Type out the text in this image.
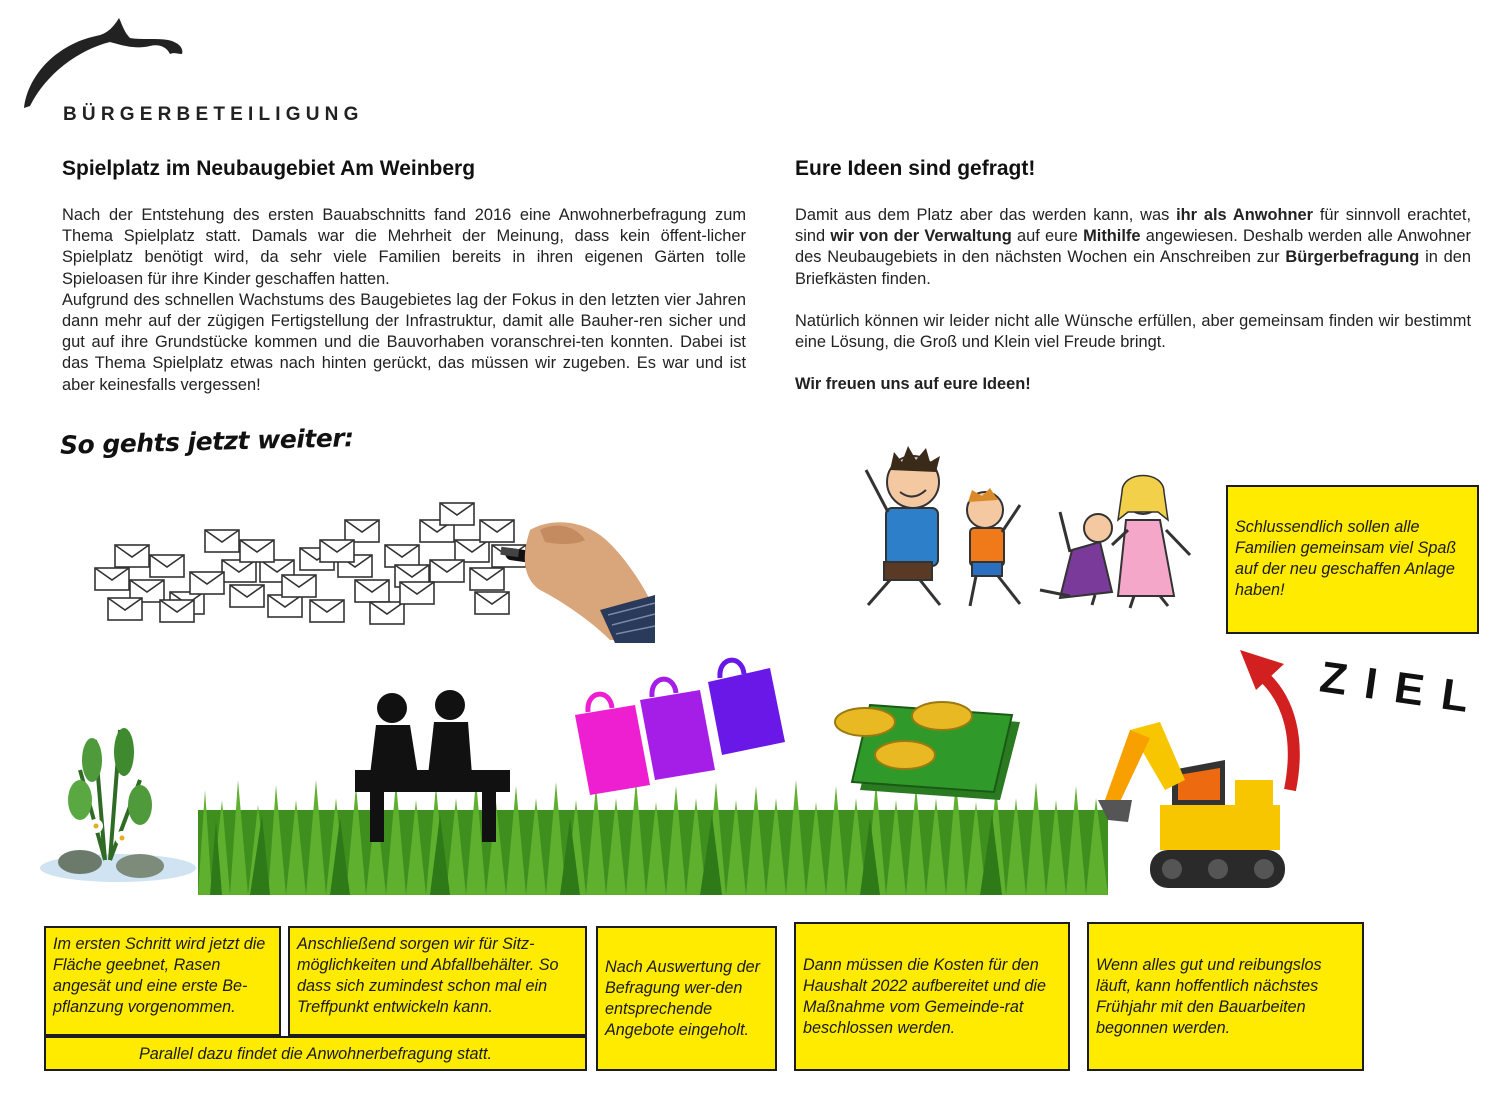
BÜRGERBETEILIGUNG
Spielplatz im Neubaugebiet Am Weinberg
Nach der Entstehung des ersten Bauabschnitts fand 2016 eine Anwohnerbefragung zum Thema Spielplatz statt. Damals war die Mehrheit der Meinung, dass kein öffent-licher Spielplatz benötigt wird, da sehr viele Familien bereits in ihren eigenen Gärten tolle Spieloasen für ihre Kinder geschaffen hatten.
Aufgrund des schnellen Wachstums des Baugebietes lag der Fokus in den letzten vier Jahren dann mehr auf der zügigen Fertigstellung der Infrastruktur, damit alle Bauher-ren sicher und gut auf ihre Grundstücke kommen und die Bauvorhaben voranschrei-ten konnten. Dabei ist das Thema Spielplatz etwas nach hinten gerückt, das müssen wir zugeben. Es war und ist aber keinesfalls vergessen!
Eure Ideen sind gefragt!

Damit aus dem Platz aber das werden kann, was ihr als Anwohner für sinnvoll erachtet, sind wir von der Verwaltung auf eure Mithilfe angewiesen. Deshalb werden alle Anwohner des Neubaugebiets in den nächsten Wochen ein Anschreiben zur Bürgerbefragung in den Briefkästen finden.

Natürlich können wir leider nicht alle Wünsche erfüllen, aber gemeinsam finden wir bestimmt eine Lösung, die Groß und Klein viel Freude bringt.

Wir freuen uns auf eure Ideen!

So gehts jetzt weiter:
ZIEL
Schlussendlich sollen alle Familien gemeinsam viel Spaß auf der neu geschaffen Anlage haben!
Im ersten Schritt wird jetzt die Fläche geebnet, Rasen angesät und eine erste Be-pflanzung vorgenommen.
Anschließend sorgen wir für Sitz-möglichkeiten und Abfallbehälter. So dass sich zumindest schon mal ein Treffpunkt entwickeln kann.
Parallel dazu findet die Anwohnerbefragung statt.
Nach Auswertung der Befragung wer-den entsprechende Angebote eingeholt.
Dann müssen die Kosten für den Haushalt 2022 aufbereitet und die Maßnahme vom Gemeinde-rat beschlossen werden.
Wenn alles gut und reibungslos läuft, kann hoffentlich nächstes Frühjahr mit den Bauarbeiten begonnen werden.
